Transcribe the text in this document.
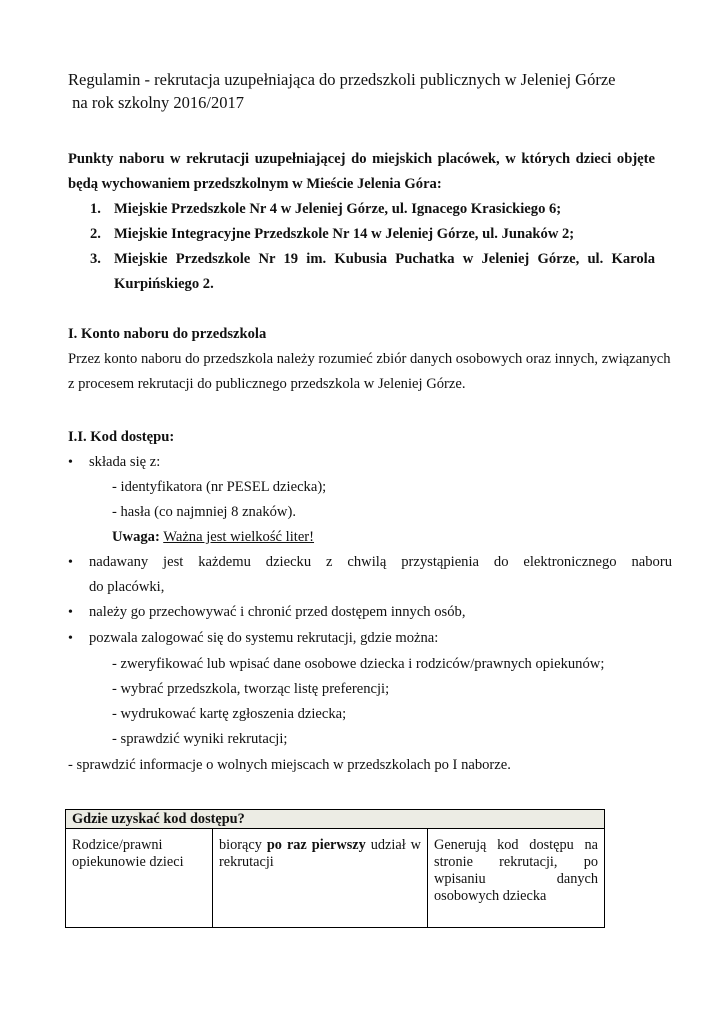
Regulamin - rekrutacja uzupełniająca do przedszkoli publicznych w Jeleniej Górze
na rok szkolny 2016/2017
Punkty naboru w rekrutacji uzupełniającej do miejskich placówek, w których dzieci objęte
będą wychowaniem przedszkolnym w Mieście Jelenia Góra:
1. Miejskie Przedszkole Nr 4 w Jeleniej Górze, ul. Ignacego Krasickiego 6;
2. Miejskie Integracyjne Przedszkole Nr 14 w Jeleniej Górze, ul. Junaków 2;
3. Miejskie Przedszkole Nr 19 im. Kubusia Puchatka w Jeleniej Górze, ul. Karola
Kurpińskiego 2.
I. Konto naboru do przedszkola
Przez konto naboru do przedszkola należy rozumieć zbiór danych osobowych oraz innych, związanych
z procesem rekrutacji do publicznego przedszkola w Jeleniej Górze.
I.I. Kod dostępu:
• składa się z:
- identyfikatora (nr PESEL dziecka);
- hasła (co najmniej 8 znaków).
Uwaga: Ważna jest wielkość liter!
• nadawany jest każdemu dziecku z chwilą przystąpienia do elektronicznego naboru
do placówki,
• należy go przechowywać i chronić przed dostępem innych osób,
• pozwala zalogować się do systemu rekrutacji, gdzie można:
- zweryfikować lub wpisać dane osobowe dziecka i rodziców/prawnych opiekunów;
- wybrać przedszkola, tworząc listę preferencji;
- wydrukować kartę zgłoszenia dziecka;
- sprawdzić wyniki rekrutacji;
- sprawdzić informacje o wolnych miejscach w przedszkolach po I naborze.
Gdzie uzyskać kod dostępu?
Rodzice/prawni opiekunowie dzieci	biorący po raz pierwszy udział w rekrutacji	Generują kod dostępu na stronie rekrutacji, po wpisaniu danych osobowych dziecka
